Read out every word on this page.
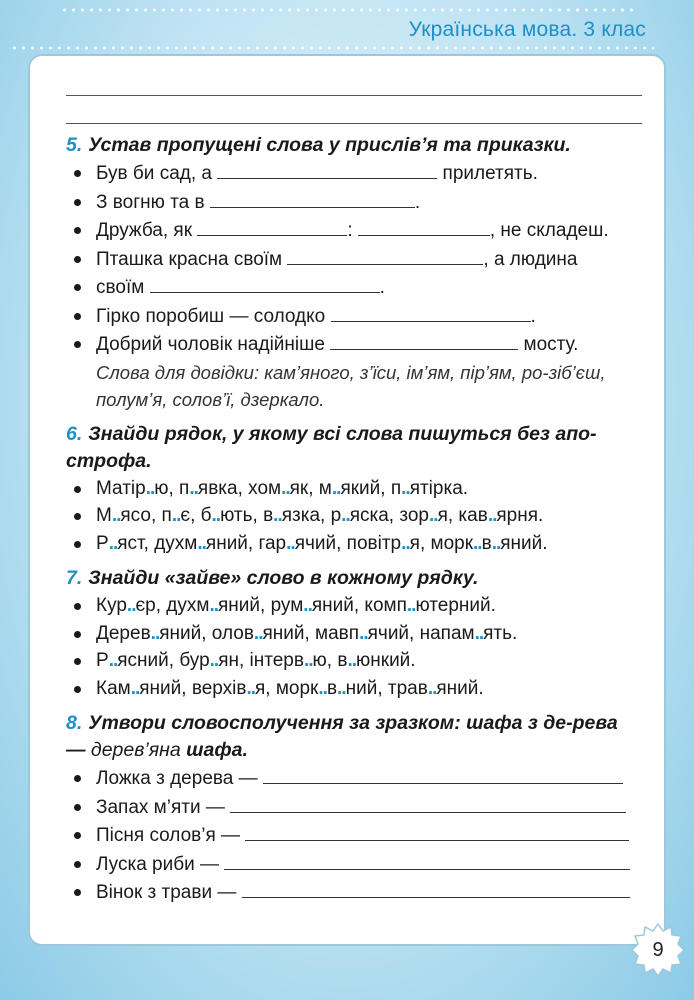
Українська мова. 3 клас
5. Устав пропущені слова у прислів’я та приказки.
Був би сад, а	прилетять.
З вогню та в	.
Дружба, як	:	, не складеш.
Пташка красна своїм	, а людина
своїм	.
Гірко поробиш — солодко	.
Добрий чоловік надійніше	мосту.
Слова для довідки: кам’яного, з’їси, ім’ям, пір’ям, ро-зіб’єш, полум’я, солов’ї, дзеркало.
6. Знайди рядок, у якому всі слова пишуться без апо-строфа.
Матір..ю, п..явка, хом..як, м..який, п..ятірка.
М..ясо, п..є, б..ють, в..язка, р..яска, зор..я, кав..ярня.
Р..яст, духм..яний, гар..ячий, повітр..я, морк..в..яний.
7. Знайди «зайве» слово в кожному рядку.
Кур..єр, духм..яний, рум..яний, комп..ютерний.
Дерев..яний, олов..яний, мавп..ячий, напам..ять.
Р..ясний, бур..ян, інтерв..ю, в..юнкий.
Кам..яний, верхів..я, морк..в..ний, трав..яний.
8. Утвори словосполучення за зразком: шафа з де-рева — дерев’яна шафа.
Ложка з дерева —
Запах м’яти —
Пісня солов’я —
Луска риби —
Вінок з трави —
9
